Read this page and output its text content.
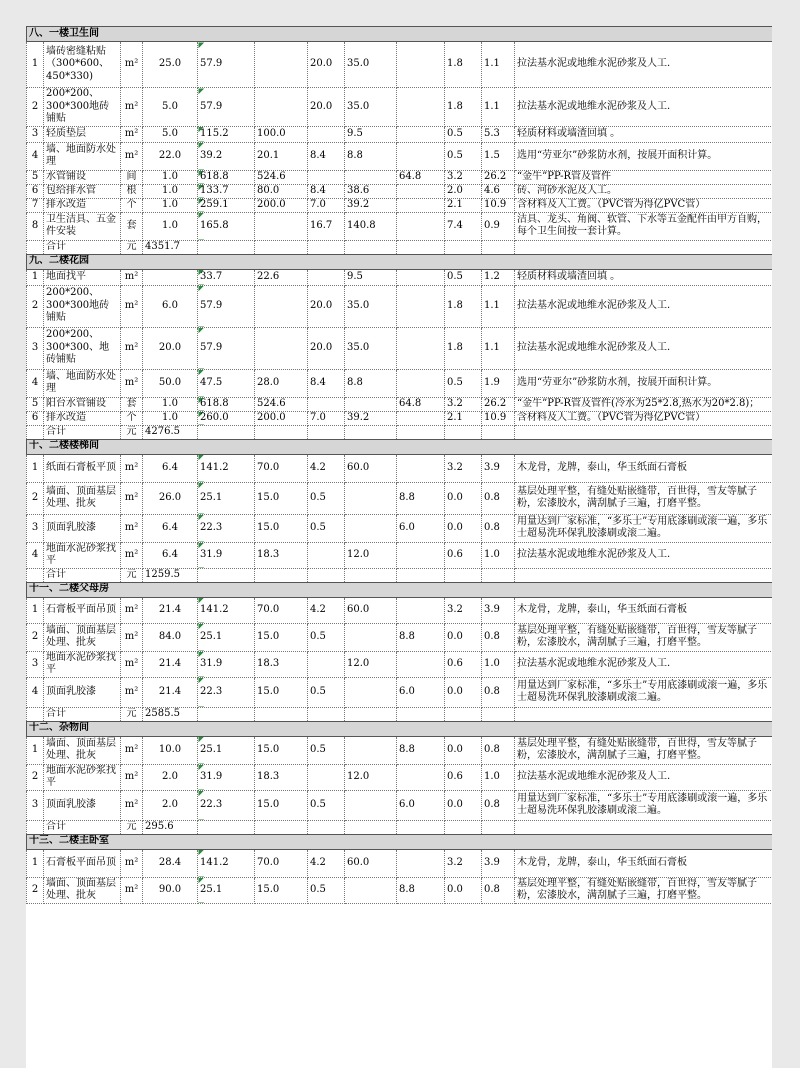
八、一楼卫生间											
1	墙砖密缝粘贴（300*600、450*330)	m²	25.0	57.9		20.0	35.0		1.8	1.1	拉法基水泥或地维水泥砂浆及人工.
2	200*200、300*300地砖铺贴	m²	5.0	57.9		20.0	35.0		1.8	1.1	拉法基水泥或地维水泥砂浆及人工.
3	轻质垫层	m²	5.0	115.2	100.0		9.5		0.5	5.3	轻质材料或墙渣回填 。
4	墙、地面防水处理	m²	22.0	39.2	20.1	8.4	8.8		0.5	1.5	选用“劳亚尔”砂浆防水剂，按展开面积计算。
5	水管铺设	间	1.0	618.8	524.6			64.8	3.2	26.2	“金牛”PP-R管及管件
6	包给排水管	根	1.0	133.7	80.0	8.4	38.6		2.0	4.6	砖、河砂水泥及人工。
7	排水改造	个	1.0	259.1	200.0	7.0	39.2		2.1	10.9	含材料及人工费。（PVC管为得亿PVC管）
8	卫生洁具、五金件安装	套	1.0	165.8		16.7	140.8		7.4	0.9	洁具、龙头、角阀、软管、下水等五金配件由甲方自购，每个卫生间按一套计算。
	合计	元	4351.7								
九、二楼花园											
1	地面找平	m²		33.7	22.6		9.5		0.5	1.2	轻质材料或墙渣回填 。
2	200*200、300*300地砖铺贴	m²	6.0	57.9		20.0	35.0		1.8	1.1	拉法基水泥或地维水泥砂浆及人工.
3	200*200、300*300、地砖铺贴	m²	20.0	57.9		20.0	35.0		1.8	1.1	拉法基水泥或地维水泥砂浆及人工.
4	墙、地面防水处理	m²	50.0	47.5	28.0	8.4	8.8		0.5	1.9	选用“劳亚尔”砂浆防水剂，按展开面积计算。
5	阳台水管铺设	套	1.0	618.8	524.6			64.8	3.2	26.2	“金牛”PP-R管及管件(冷水为25*2.8,热水为20*2.8)；
6	排水改造	个	1.0	260.0	200.0	7.0	39.2		2.1	10.9	含材料及人工费。（PVC管为得亿PVC管）
	合计	元	4276.5								
十、二楼楼梯间											
1	纸面石膏板平顶	m²	6.4	141.2	70.0	4.2	60.0		3.2	3.9	木龙骨，龙牌，泰山，华玉纸面石膏板
2	墙面、顶面基层处理、批灰	m²	26.0	25.1	15.0	0.5		8.8	0.0	0.8	基层处理平整，有缝处贴嵌缝带，百世得，雪友等腻子粉，宏漆胶水，满刮腻子三遍，打磨平整。
3	顶面乳胶漆	m²	6.4	22.3	15.0	0.5		6.0	0.0	0.8	用量达到厂家标准，“多乐士”专用底漆刷或滚一遍，多乐士超易洗环保乳胶漆刷或滚二遍。
4	地面水泥砂浆找平	m²	6.4	31.9	18.3		12.0		0.6	1.0	拉法基水泥或地维水泥砂浆及人工.
	合计	元	1259.5								
十一、二楼父母房											
1	石膏板平面吊顶	m²	21.4	141.2	70.0	4.2	60.0		3.2	3.9	木龙骨，龙牌，泰山，华玉纸面石膏板
2	墙面、顶面基层处理、批灰	m²	84.0	25.1	15.0	0.5		8.8	0.0	0.8	基层处理平整，有缝处贴嵌缝带，百世得，雪友等腻子粉，宏漆胶水，满刮腻子三遍，打磨平整。
3	地面水泥砂浆找平	m²	21.4	31.9	18.3		12.0		0.6	1.0	拉法基水泥或地维水泥砂浆及人工.
4	顶面乳胶漆	m²	21.4	22.3	15.0	0.5		6.0	0.0	0.8	用量达到厂家标准，“多乐士”专用底漆刷或滚一遍，多乐士超易洗环保乳胶漆刷或滚二遍。
	合计	元	2585.5								
十二、杂物间											
1	墙面、顶面基层处理、批灰	m²	10.0	25.1	15.0	0.5		8.8	0.0	0.8	基层处理平整，有缝处贴嵌缝带，百世得，雪友等腻子粉，宏漆胶水，满刮腻子三遍，打磨平整。
2	地面水泥砂浆找平	m²	2.0	31.9	18.3		12.0		0.6	1.0	拉法基水泥或地维水泥砂浆及人工.
3	顶面乳胶漆	m²	2.0	22.3	15.0	0.5		6.0	0.0	0.8	用量达到厂家标准，“多乐士”专用底漆刷或滚一遍，多乐士超易洗环保乳胶漆刷或滚二遍。
	合计	元	295.6								
十三、二楼主卧室											
1	石膏板平面吊顶	m²	28.4	141.2	70.0	4.2	60.0		3.2	3.9	木龙骨，龙牌，泰山，华玉纸面石膏板
2	墙面、顶面基层处理、批灰	m²	90.0	25.1	15.0	0.5		8.8	0.0	0.8	基层处理平整，有缝处贴嵌缝带，百世得，雪友等腻子粉，宏漆胶水，满刮腻子三遍，打磨平整。
